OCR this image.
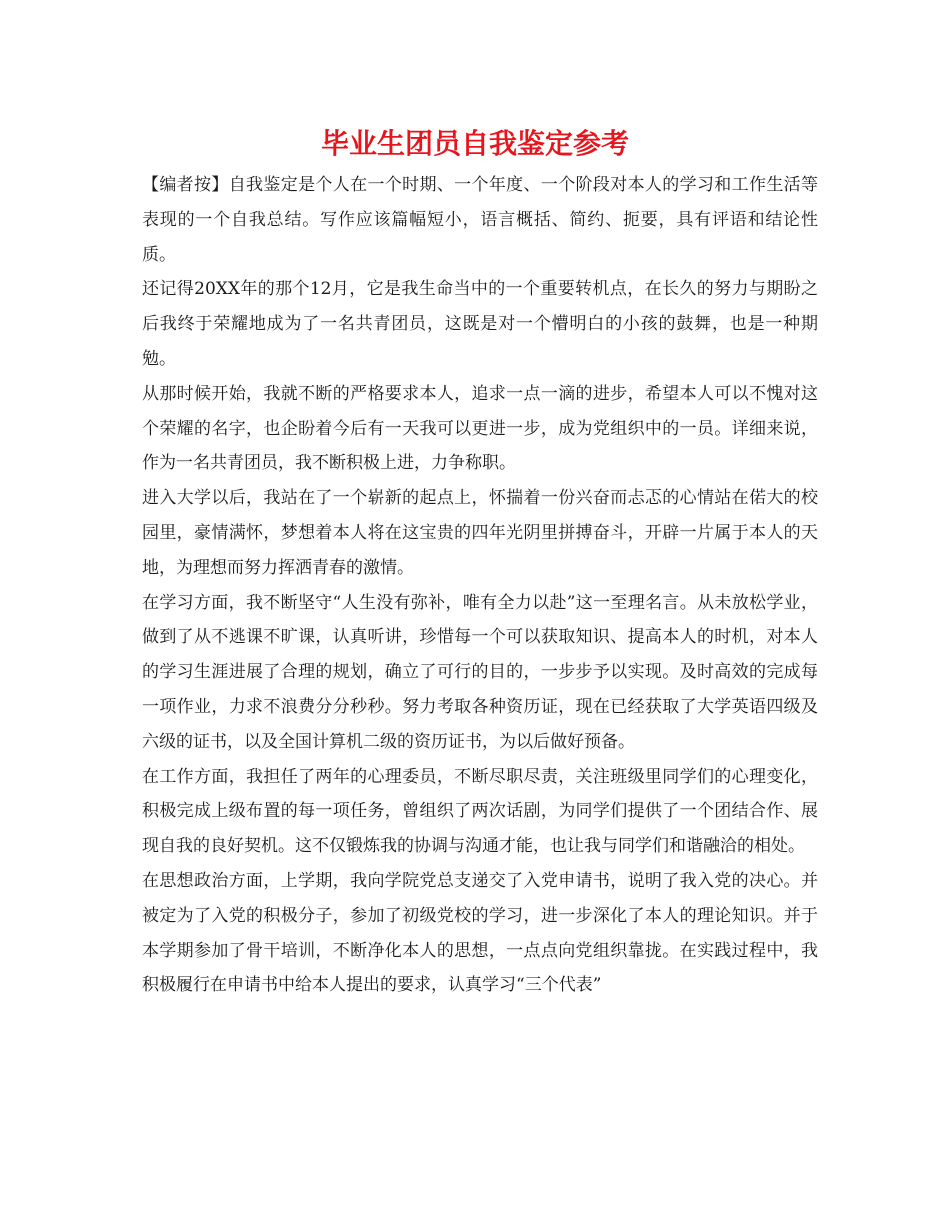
毕业生团员自我鉴定参考

【编者按】自我鉴定是个人在一个时期、一个年度、一个阶段对本人的学习和工作生活等表现的一个自我总结。写作应该篇幅短小，语言概括、简约、扼要，具有评语和结论性质。

还记得20XX年的那个12月，它是我生命当中的一个重要转机点，在长久的努力与期盼之后我终于荣耀地成为了一名共青团员，这既是对一个懵明白的小孩的鼓舞，也是一种期勉。

从那时候开始，我就不断的严格要求本人，追求一点一滴的进步，希望本人可以不愧对这个荣耀的名字，也企盼着今后有一天我可以更进一步，成为党组织中的一员。详细来说，作为一名共青团员，我不断积极上进，力争称职。

进入大学以后，我站在了一个崭新的起点上，怀揣着一份兴奋而忐忑的心情站在偌大的校园里，豪情满怀，梦想着本人将在这宝贵的四年光阴里拼搏奋斗，开辟一片属于本人的天地，为理想而努力挥洒青春的激情。

在学习方面，我不断坚守“人生没有弥补，唯有全力以赴”这一至理名言。从未放松学业，做到了从不逃课不旷课，认真听讲，珍惜每一个可以获取知识、提高本人的时机，对本人的学习生涯进展了合理的规划，确立了可行的目的，一步步予以实现。及时高效的完成每一项作业，力求不浪费分分秒秒。努力考取各种资历证，现在已经获取了大学英语四级及六级的证书，以及全国计算机二级的资历证书，为以后做好预备。

在工作方面，我担任了两年的心理委员，不断尽职尽责，关注班级里同学们的心理变化，积极完成上级布置的每一项任务，曾组织了两次话剧，为同学们提供了一个团结合作、展现自我的良好契机。这不仅锻炼我的协调与沟通才能，也让我与同学们和谐融洽的相处。

在思想政治方面，上学期，我向学院党总支递交了入党申请书，说明了我入党的决心。并被定为了入党的积极分子，参加了初级党校的学习，进一步深化了本人的理论知识。并于本学期参加了骨干培训，不断净化本人的思想，一点点向党组织靠拢。在实践过程中，我积极履行在申请书中给本人提出的要求，认真学习“三个代表”
